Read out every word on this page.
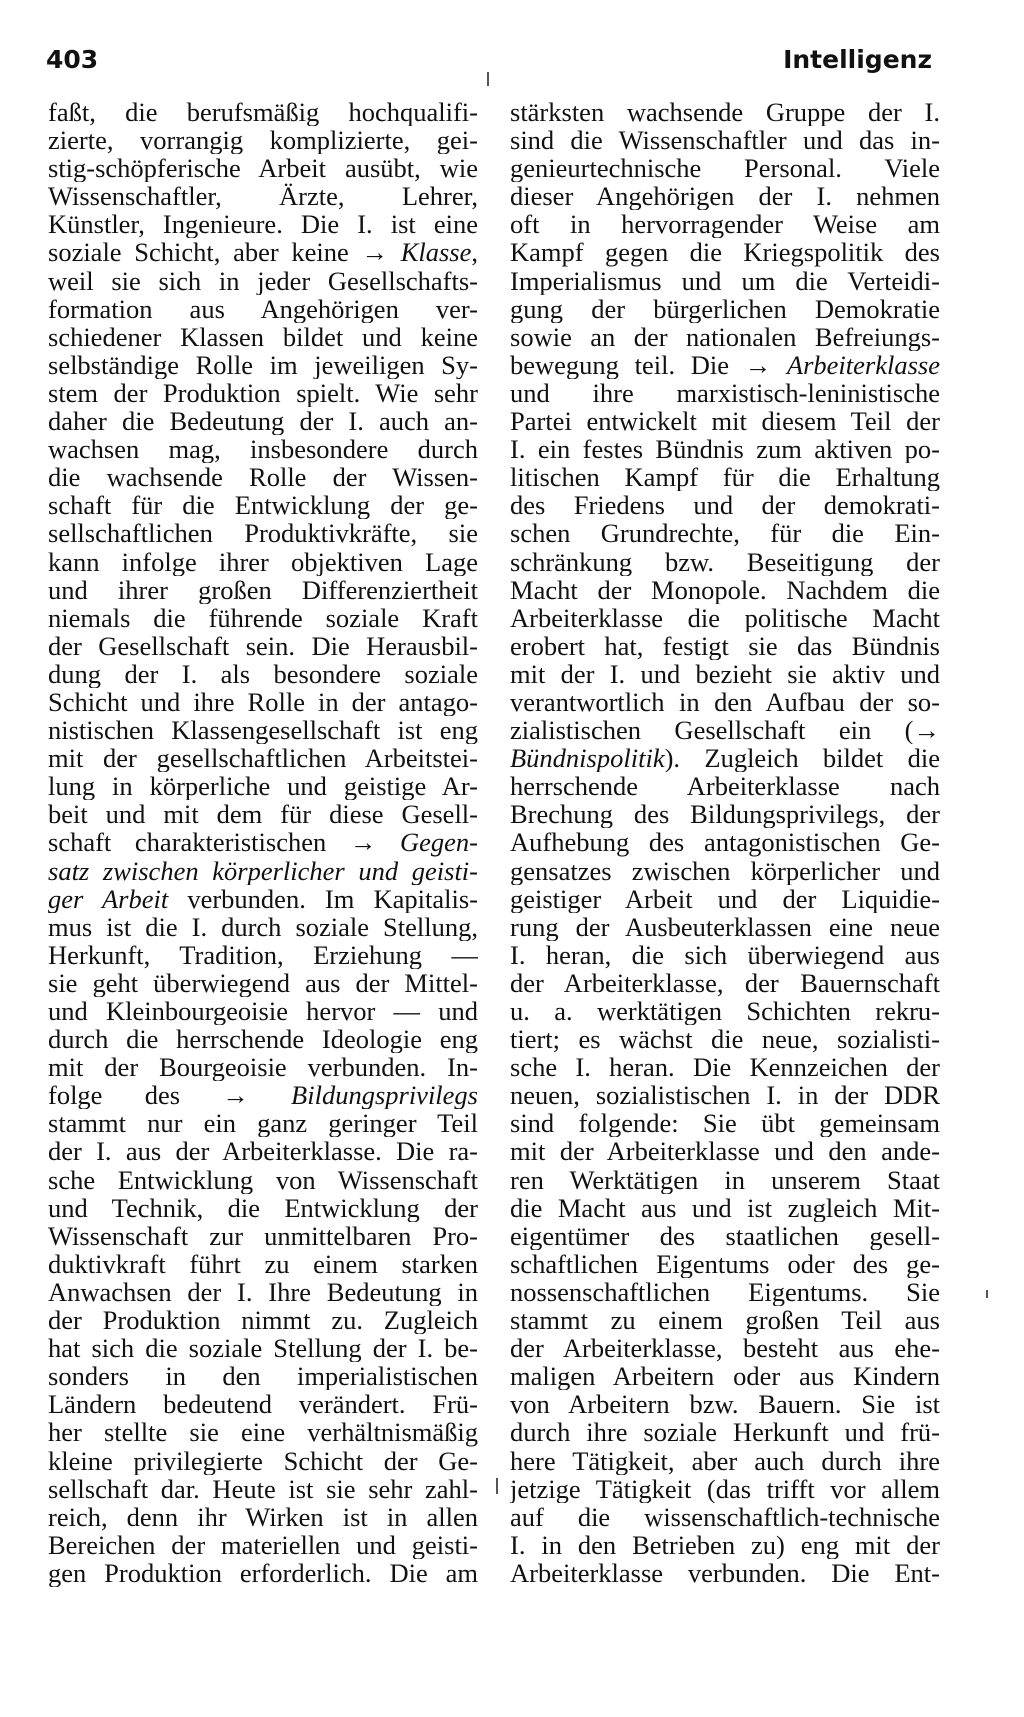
403	Intelligenz
faßt, die berufsmäßig hochqualifi-
zierte, vorrangig komplizierte, gei-
stig-schöpferische Arbeit ausübt, wie
Wissenschaftler, Ärzte, Lehrer,
Künstler, Ingenieure. Die I. ist eine
soziale Schicht, aber keine → Klasse,
weil sie sich in jeder Gesellschafts-
formation aus Angehörigen ver-
schiedener Klassen bildet und keine
selbständige Rolle im jeweiligen Sy-
stem der Produktion spielt. Wie sehr
daher die Bedeutung der I. auch an-
wachsen mag, insbesondere durch
die wachsende Rolle der Wissen-
schaft für die Entwicklung der ge-
sellschaftlichen Produktivkräfte, sie
kann infolge ihrer objektiven Lage
und ihrer großen Differenziertheit
niemals die führende soziale Kraft
der Gesellschaft sein. Die Herausbil-
dung der I. als besondere soziale
Schicht und ihre Rolle in der antago-
nistischen Klassengesellschaft ist eng
mit der gesellschaftlichen Arbeitstei-
lung in körperliche und geistige Ar-
beit und mit dem für diese Gesell-
schaft charakteristischen → Gegen-
satz zwischen körperlicher und geisti-
ger Arbeit verbunden. Im Kapitalis-
mus ist die I. durch soziale Stellung,
Herkunft, Tradition, Erziehung —
sie geht überwiegend aus der Mittel-
und Kleinbourgeoisie hervor — und
durch die herrschende Ideologie eng
mit der Bourgeoisie verbunden. In-
folge des → Bildungsprivilegs
stammt nur ein ganz geringer Teil
der I. aus der Arbeiterklasse. Die ra-
sche Entwicklung von Wissenschaft
und Technik, die Entwicklung der
Wissenschaft zur unmittelbaren Pro-
duktivkraft führt zu einem starken
Anwachsen der I. Ihre Bedeutung in
der Produktion nimmt zu. Zugleich
hat sich die soziale Stellung der I. be-
sonders in den imperialistischen
Ländern bedeutend verändert. Frü-
her stellte sie eine verhältnismäßig
kleine privilegierte Schicht der Ge-
sellschaft dar. Heute ist sie sehr zahl-
reich, denn ihr Wirken ist in allen
Bereichen der materiellen und geisti-
gen Produktion erforderlich. Die am
stärksten wachsende Gruppe der I.
sind die Wissenschaftler und das in-
genieurtechnische Personal. Viele
dieser Angehörigen der I. nehmen
oft in hervorragender Weise am
Kampf gegen die Kriegspolitik des
Imperialismus und um die Verteidi-
gung der bürgerlichen Demokratie
sowie an der nationalen Befreiungs-
bewegung teil. Die → Arbeiterklasse
und ihre marxistisch-leninistische
Partei entwickelt mit diesem Teil der
I. ein festes Bündnis zum aktiven po-
litischen Kampf für die Erhaltung
des Friedens und der demokrati-
schen Grundrechte, für die Ein-
schränkung bzw. Beseitigung der
Macht der Monopole. Nachdem die
Arbeiterklasse die politische Macht
erobert hat, festigt sie das Bündnis
mit der I. und bezieht sie aktiv und
verantwortlich in den Aufbau der so-
zialistischen Gesellschaft ein (→
Bündnispolitik). Zugleich bildet die
herrschende Arbeiterklasse nach
Brechung des Bildungsprivilegs, der
Aufhebung des antagonistischen Ge-
gensatzes zwischen körperlicher und
geistiger Arbeit und der Liquidie-
rung der Ausbeuterklassen eine neue
I. heran, die sich überwiegend aus
der Arbeiterklasse, der Bauernschaft
u. a. werktätigen Schichten rekru-
tiert; es wächst die neue, sozialisti-
sche I. heran. Die Kennzeichen der
neuen, sozialistischen I. in der DDR
sind folgende: Sie übt gemeinsam
mit der Arbeiterklasse und den ande-
ren Werktätigen in unserem Staat
die Macht aus und ist zugleich Mit-
eigentümer des staatlichen gesell-
schaftlichen Eigentums oder des ge-
nossenschaftlichen Eigentums. Sie
stammt zu einem großen Teil aus
der Arbeiterklasse, besteht aus ehe-
maligen Arbeitern oder aus Kindern
von Arbeitern bzw. Bauern. Sie ist
durch ihre soziale Herkunft und frü-
here Tätigkeit, aber auch durch ihre
jetzige Tätigkeit (das trifft vor allem
auf die wissenschaftlich-technische
I. in den Betrieben zu) eng mit der
Arbeiterklasse verbunden. Die Ent-
